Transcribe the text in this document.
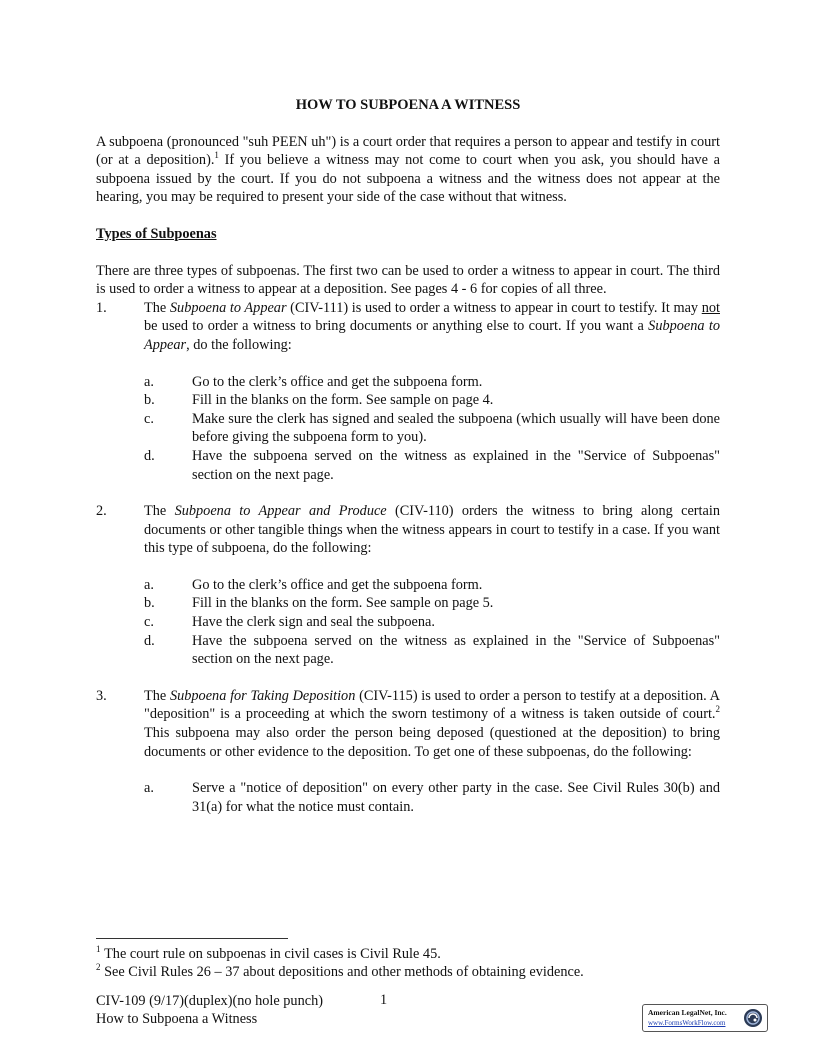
HOW TO SUBPOENA A WITNESS

A subpoena (pronounced "suh PEEN uh") is a court order that requires a person to appear and testify in court (or at a deposition).$^1$ If you believe a witness may not come to court when you ask, you should have a subpoena issued by the court. If you do not subpoena a witness and the witness does not appear at the hearing, you may be required to present your side of the case without that witness.

Types of Subpoenas

There are three types of subpoenas. The first two can be used to order a witness to appear in court. The third is used to order a witness to appear at a deposition. See pages 4 - 6 for copies of all three.

1.	The Subpoena to Appear (CIV-111) is used to order a witness to appear in court to testify. It may not be used to order a witness to bring documents or anything else to court. If you want a Subpoena to Appear, do the following:
a.	Go to the clerk’s office and get the subpoena form.
b.	Fill in the blanks on the form. See sample on page 4.
c.	Make sure the clerk has signed and sealed the subpoena (which usually will have been done before giving the subpoena form to you).
d.	Have the subpoena served on the witness as explained in the "Service of Subpoenas" section on the next page.
2.	The Subpoena to Appear and Produce (CIV-110) orders the witness to bring along certain documents or other tangible things when the witness appears in court to testify in a case. If you want this type of subpoena, do the following:
a.	Go to the clerk’s office and get the subpoena form.
b.	Fill in the blanks on the form. See sample on page 5.
c.	Have the clerk sign and seal the subpoena.
d.	Have the subpoena served on the witness as explained in the "Service of Subpoenas" section on the next page.
3.	The Subpoena for Taking Deposition (CIV-115) is used to order a person to testify at a deposition. A "deposition" is a proceeding at which the sworn testimony of a witness is taken outside of court.$^2$ This subpoena may also order the person being deposed (questioned at the deposition) to bring documents or other evidence to the deposition. To get one of these subpoenas, do the following:
a.	Serve a "notice of deposition" on every other party in the case. See Civil Rules 30(b) and 31(a) for what the notice must contain.

$^1$ The court rule on subpoenas in civil cases is Civil Rule 45.

$^2$ See Civil Rules 26 – 37 about depositions and other methods of obtaining evidence.

CIV-109 (9/17)(duplex)(no hole punch)
How to Subpoena a Witness
1
American LegalNet, Inc.
www.FormsWorkFlow.com
